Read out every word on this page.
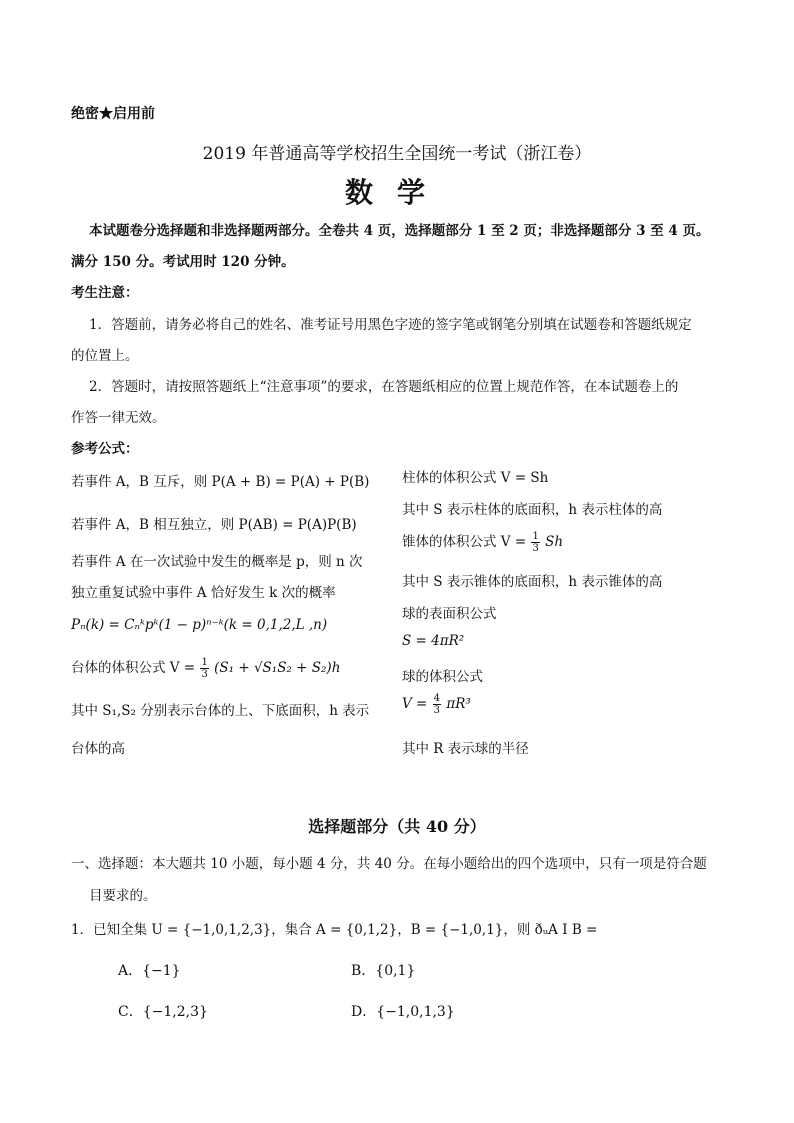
绝密★启用前
2019 年普通高等学校招生全国统一考试（浙江卷）
数学
本试题卷分选择题和非选择题两部分。全卷共 4 页，选择题部分 1 至 2 页；非选择题部分 3 至 4 页。
满分 150 分。考试用时 120 分钟。
考生注意：
1．答题前，请务必将自己的姓名、准考证号用黑色字迹的签字笔或钢笔分别填在试题卷和答题纸规定
的位置上。
2．答题时，请按照答题纸上“注意事项”的要求，在答题纸相应的位置上规范作答，在本试题卷上的
作答一律无效。
参考公式：
若事件 A，B 互斥，则 P(A + B) = P(A) + P(B)
若事件 A，B 相互独立，则 P(AB) = P(A)P(B)
若事件 A 在一次试验中发生的概率是 p，则 n 次
独立重复试验中事件 A 恰好发生 k 次的概率
Pₙ(k) = Cₙᵏpᵏ(1 − p)ⁿ⁻ᵏ(k = 0,1,2,L ,n)
台体的体积公式 $V = \frac{1}{3} (S_1 + √S_1S_2 + S_2)h$
其中 S₁,S₂ 分别表示台体的上、下底面积，h 表示
台体的高
柱体的体积公式 V = Sh
其中 S 表示柱体的底面积，h 表示柱体的高
锥体的体积公式 $V = \frac{1}{3}$ Sh
其中 S 表示锥体的底面积，h 表示锥体的高
球的表面积公式
S = 4πR²
球的体积公式
$V = \frac{4}{3} \pi R^3$
其中 R 表示球的半径
选择题部分（共 40 分）
一、选择题：本大题共 10 小题，每小题 4 分，共 40 分。在每小题给出的四个选项中，只有一项是符合题
目要求的。
1．已知全集 U = {−1,0,1,2,3}，集合 A = {0,1,2}，B = {−1,0,1}，则 ðᵤA I B =
A．{−1}	B．{0,1}
C．{−1,2,3}	D．{−1,0,1,3}
